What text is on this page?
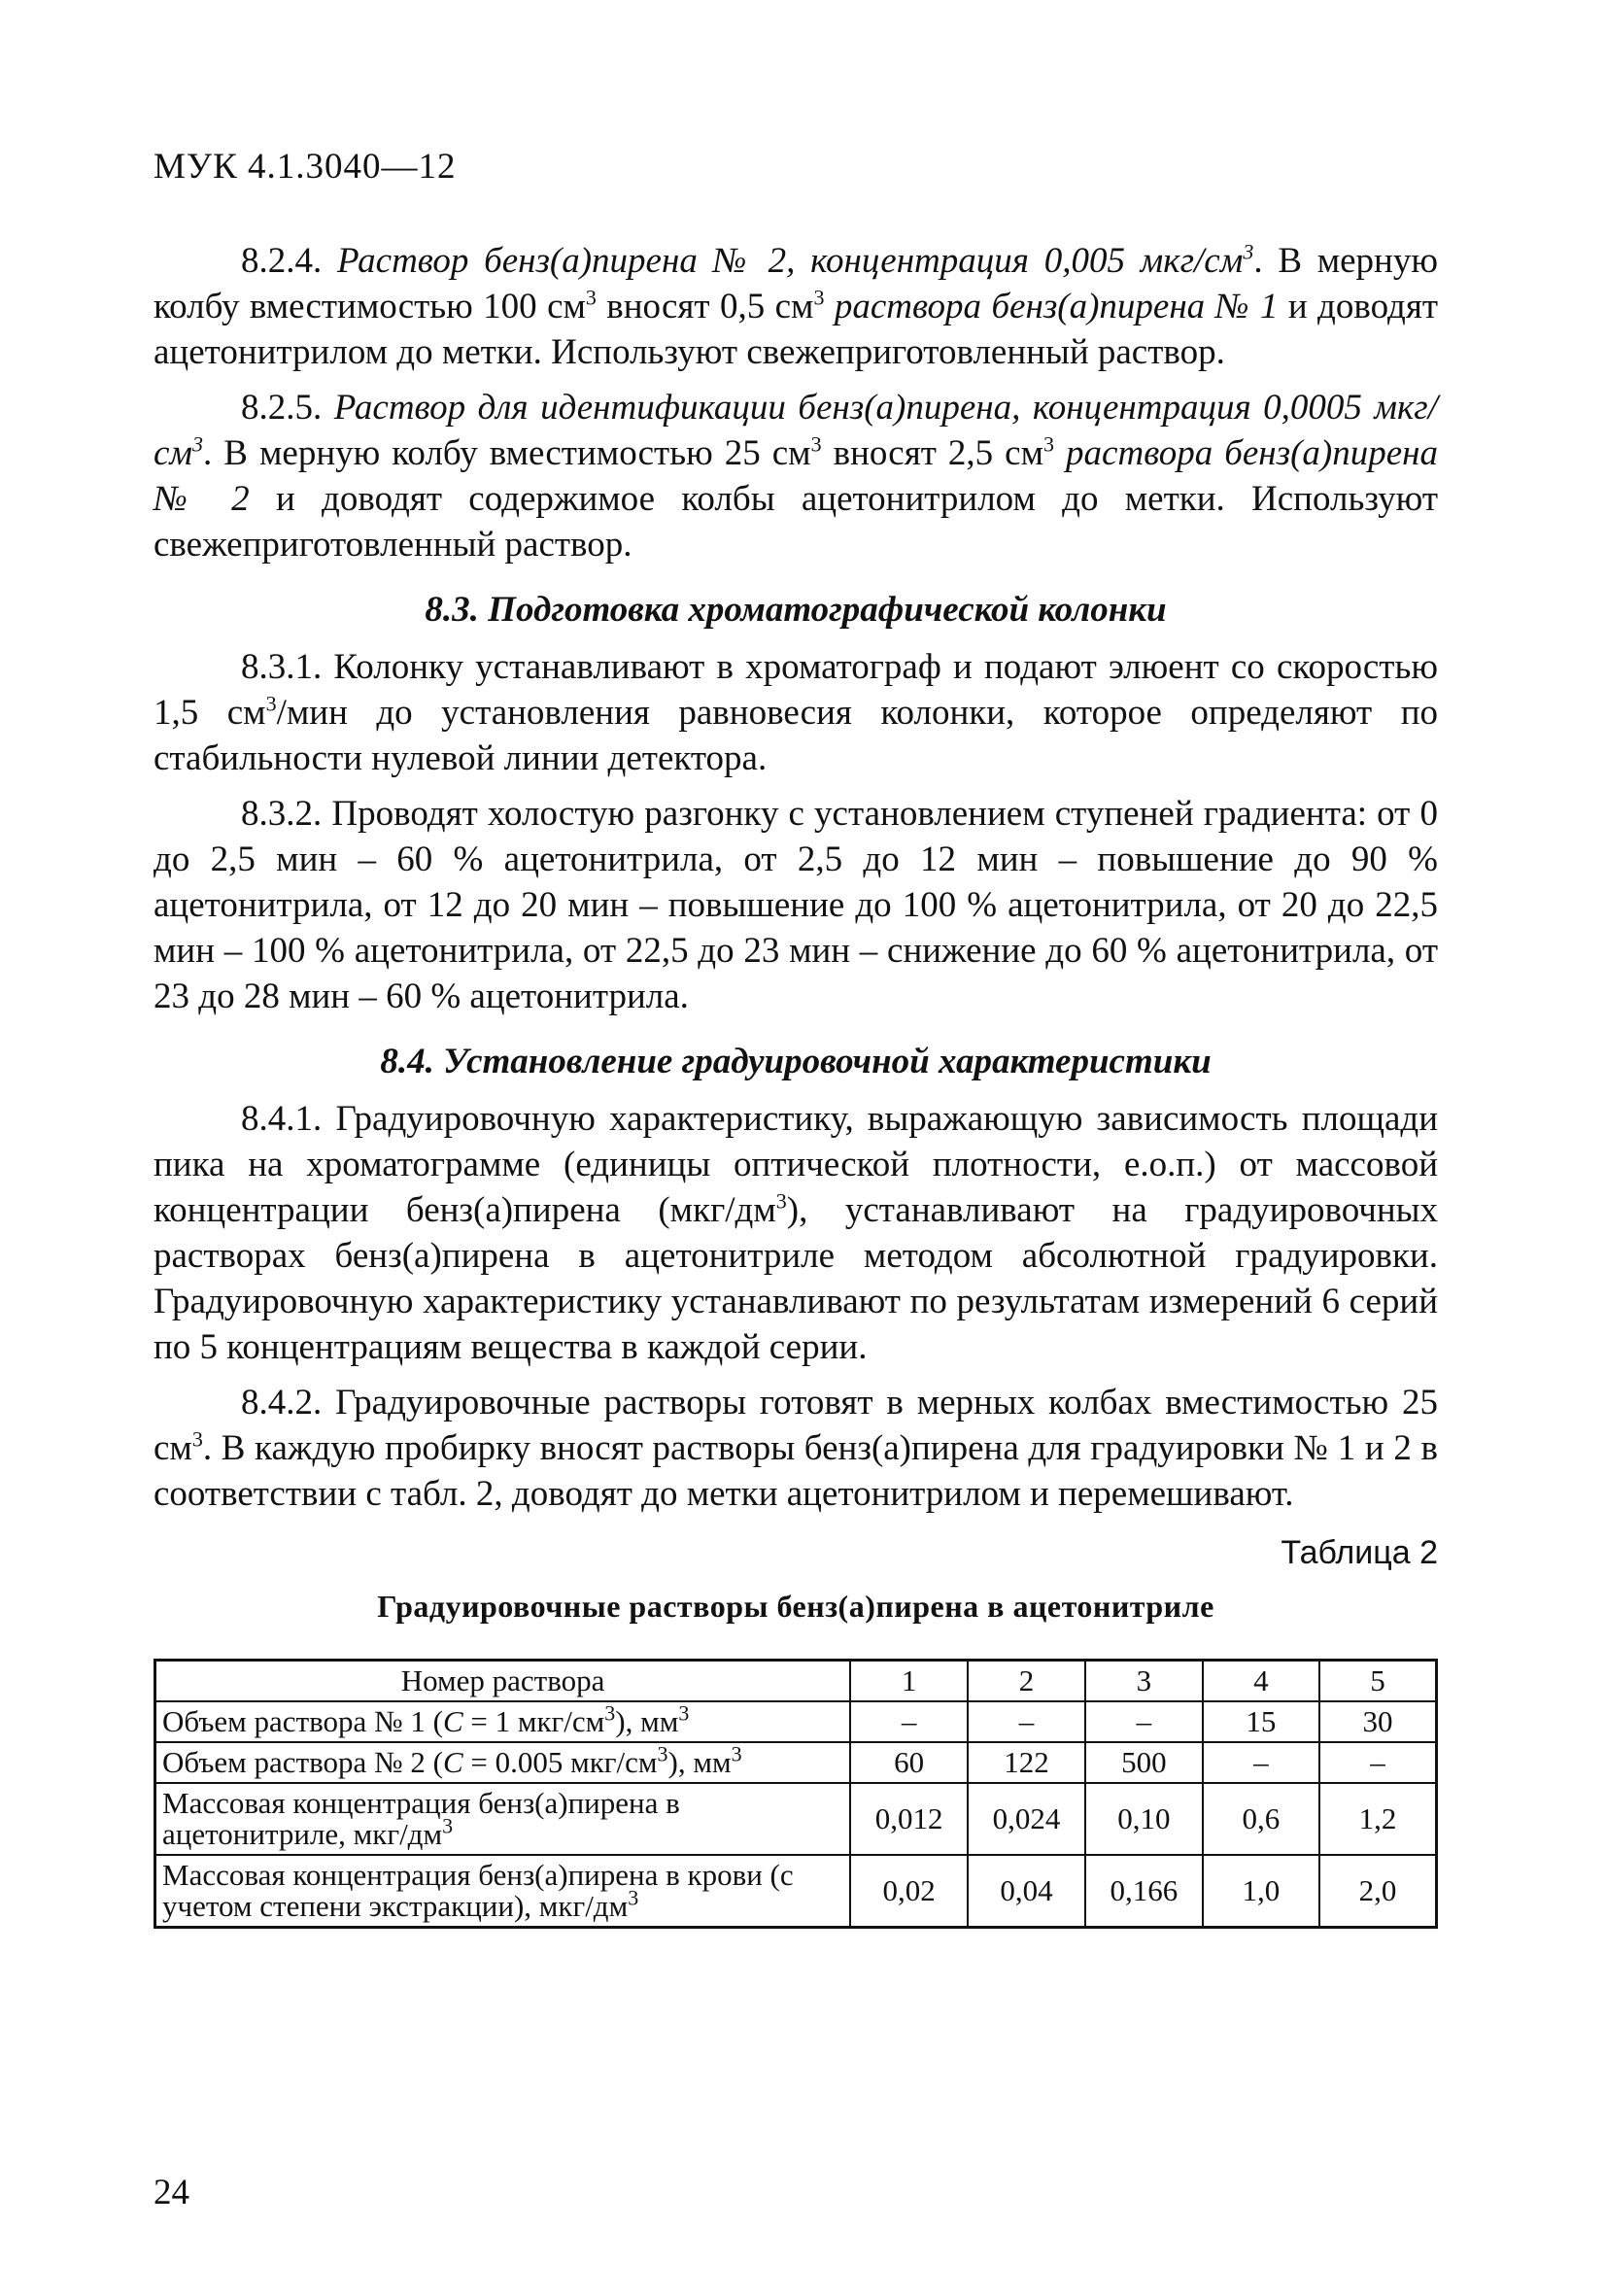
МУК 4.1.3040—12

8.2.4. Раствор бенз(а)пирена № 2, концентрация 0,005 мкг/$см^3$. В мерную колбу вместимостью 100 $см^3$ вносят 0,5 $см^3$ раствора бенз(а)пирена № 1 и доводят ацетонитрилом до метки. Используют свежеприготовленный раствор.

8.2.5. Раствор для идентификации бенз(а)пирена, концентрация 0,0005 мкг/$см^3$. В мерную колбу вместимостью 25 $см^3$ вносят 2,5 $см^3$ раствора бенз(а)пирена № 2 и доводят содержимое колбы ацетонитрилом до метки. Используют свежеприготовленный раствор.

8.3. Подготовка хроматографической колонки

8.3.1. Колонку устанавливают в хроматограф и подают элюент со скоростью 1,5 $см^3$/мин до установления равновесия колонки, которое определяют по стабильности нулевой линии детектора.

8.3.2. Проводят холостую разгонку с установлением ступеней градиента: от 0 до 2,5 мин – 60 % ацетонитрила, от 2,5 до 12 мин – повышение до 90 % ацетонитрила, от 12 до 20 мин – повышение до 100 % ацетонитрила, от 20 до 22,5 мин – 100 % ацетонитрила, от 22,5 до 23 мин – снижение до 60 % ацетонитрила, от 23 до 28 мин – 60 % ацетонитрила.

8.4. Установление градуировочной характеристики

8.4.1. Градуировочную характеристику, выражающую зависимость площади пика на хроматограмме (единицы оптической плотности, е.о.п.) от массовой концентрации бенз(а)пирена $(мкг/дм^3)$, устанавливают на градуировочных растворах бенз(а)пирена в ацетонитриле методом абсолютной градуировки. Градуировочную характеристику устанавливают по результатам измерений 6 серий по 5 концентрациям вещества в каждой серии.

8.4.2. Градуировочные растворы готовят в мерных колбах вместимостью 25 $см^3$. В каждую пробирку вносят растворы бенз(а)пирена для градуировки № 1 и 2 в соответствии с табл. 2, доводят до метки ацетонитрилом и перемешивают.

Таблица 2
Градуировочные растворы бенз(а)пирена в ацетонитриле
Номер раствора	1	2	3	4	5
Объем раствора № 1 (С = 1 мкг/$см^3$), $мм^3$	–	–	–	15	30
Объем раствора № 2 (С = 0.005 мкг/$см^3$), $мм^3$	60	122	500	–	–
Массовая концентрация бенз(а)пирена в ацетонитриле, мкг/$дм^3$	0,012	0,024	0,10	0,6	1,2
Массовая концентрация бенз(а)пирена в крови (с учетом степени экстракции), мкг/$дм^3$	0,02	0,04	0,166	1,0	2,0
24
